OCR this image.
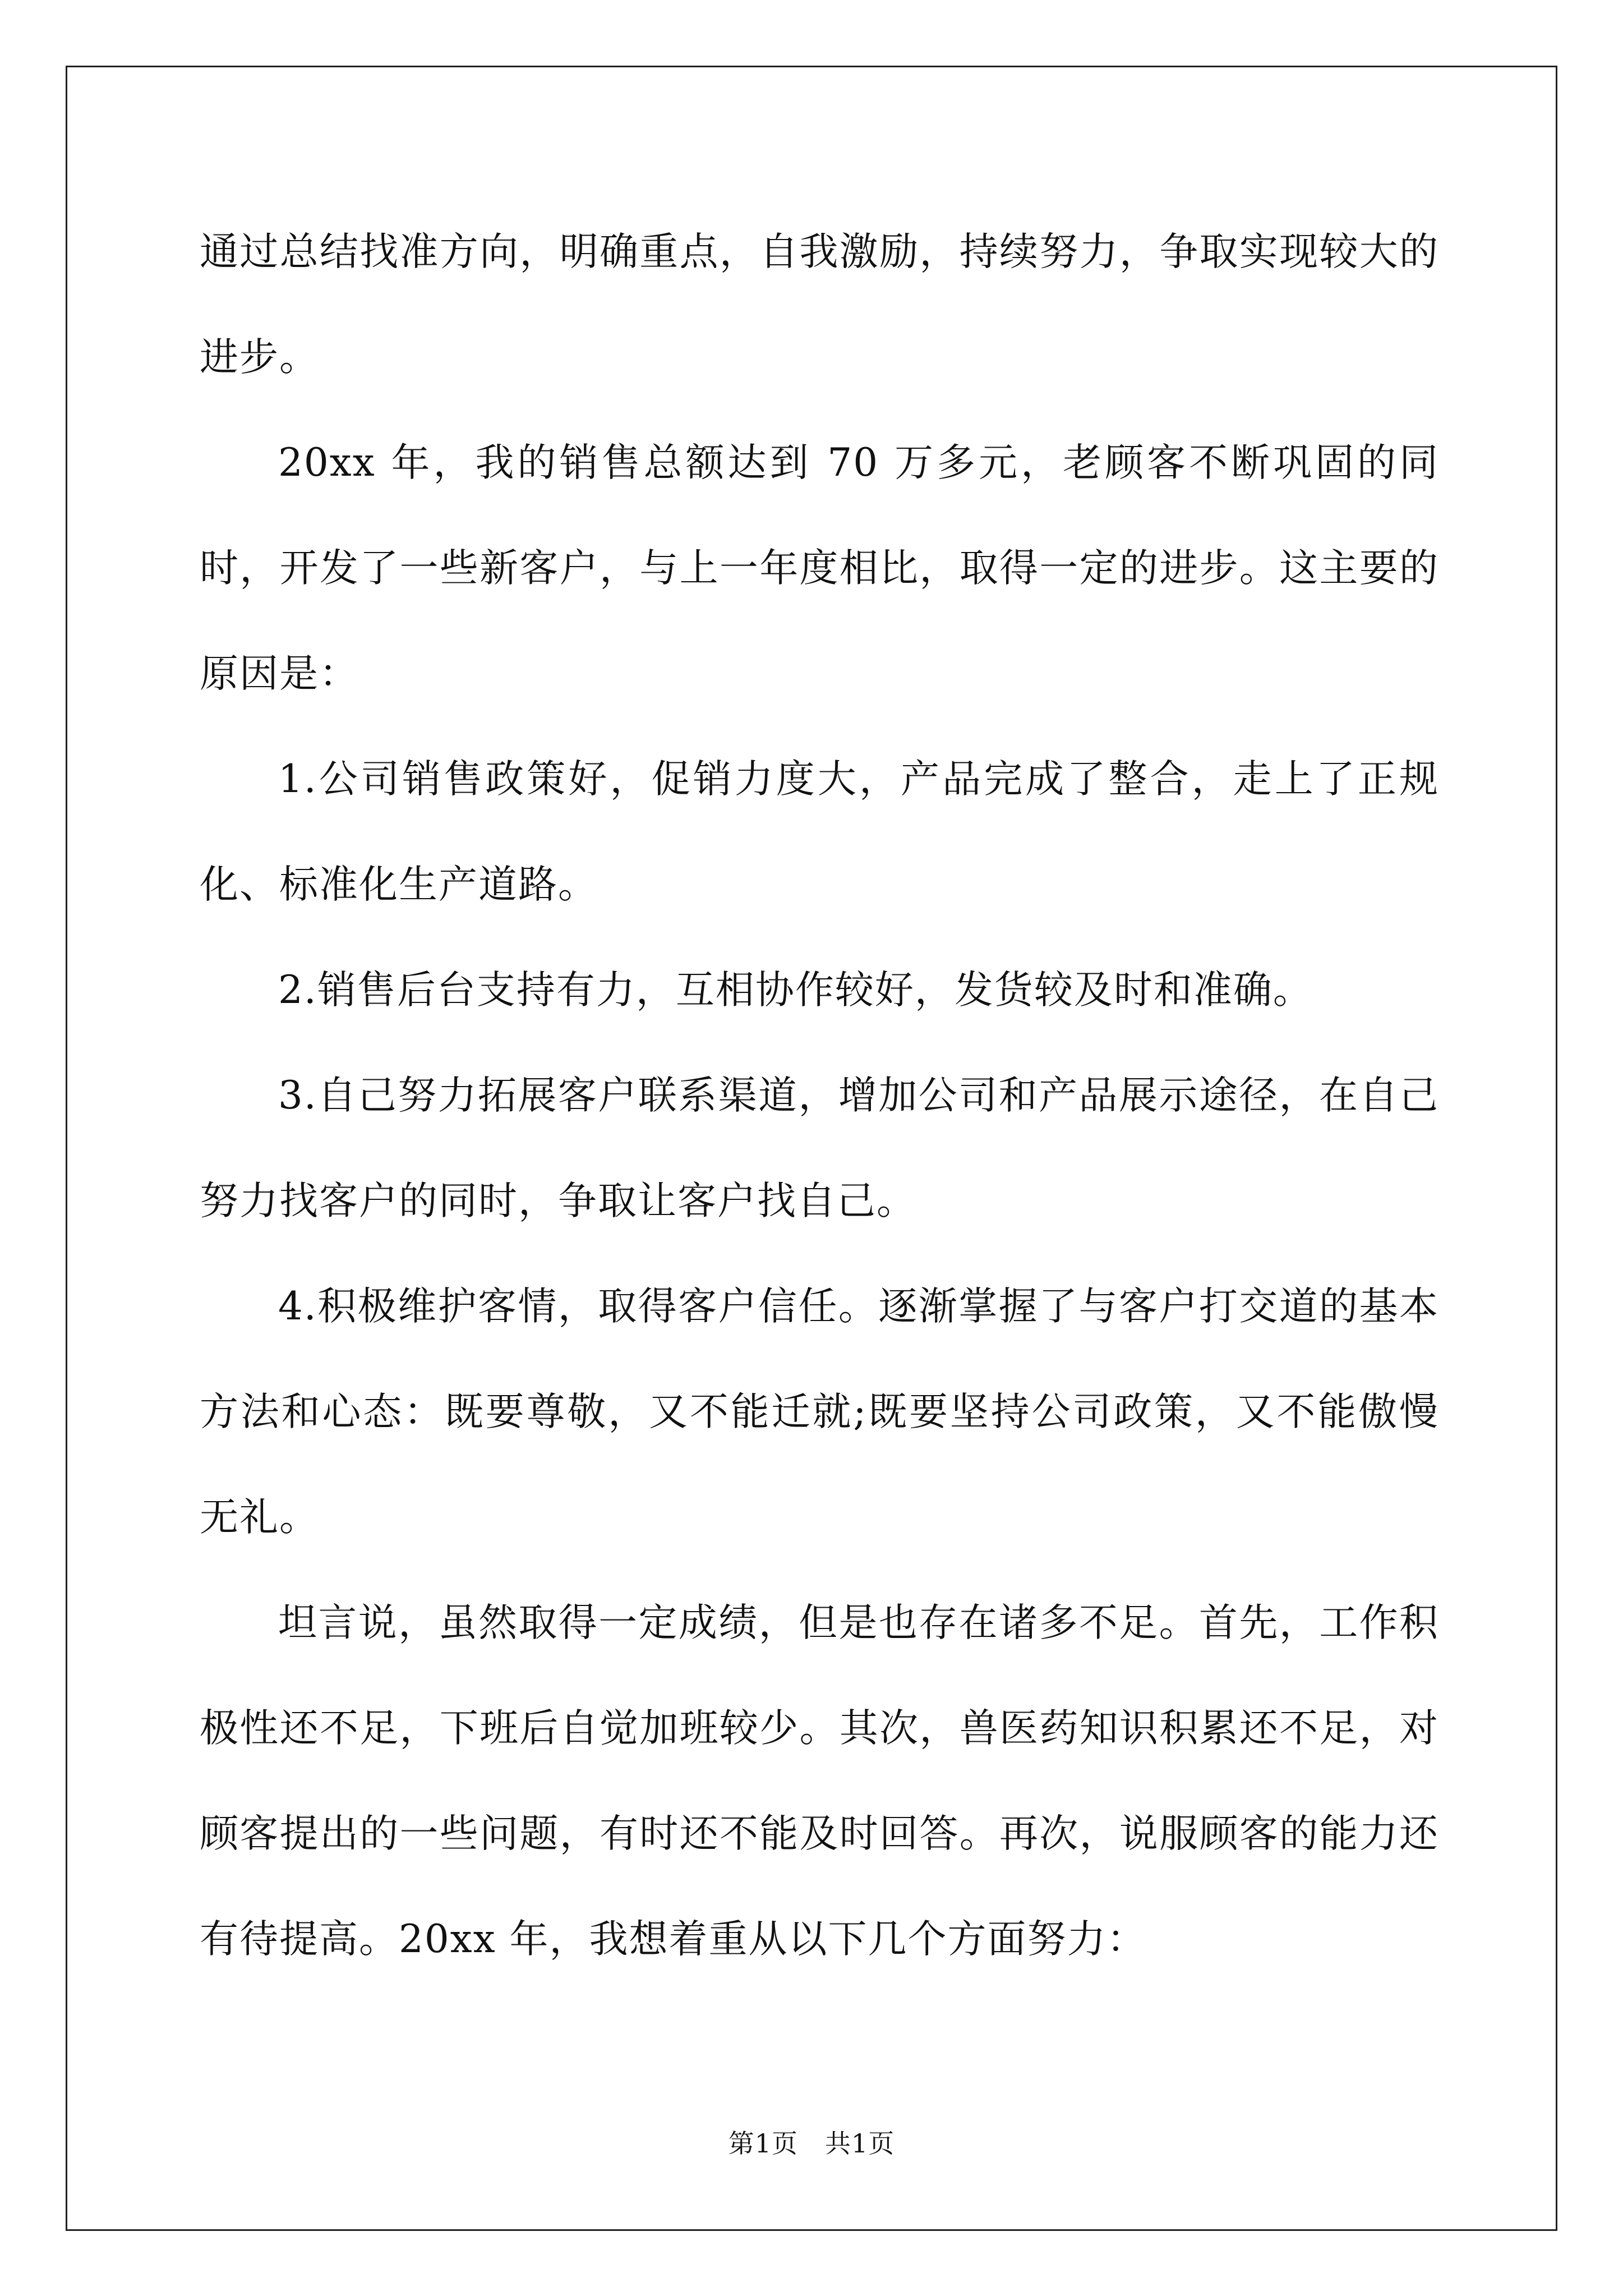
通过总结找准方向，明确重点，自我激励，持续努力，争取实现较大的进步。

20xx 年，我的销售总额达到 70 万多元，老顾客不断巩固的同时，开发了一些新客户，与上一年度相比，取得一定的进步。这主要的原因是：

1.公司销售政策好，促销力度大，产品完成了整合，走上了正规化、标准化生产道路。

2.销售后台支持有力，互相协作较好，发货较及时和准确。

3.自己努力拓展客户联系渠道，增加公司和产品展示途径，在自己努力找客户的同时，争取让客户找自己。

4.积极维护客情，取得客户信任。逐渐掌握了与客户打交道的基本方法和心态：既要尊敬，又不能迁就;既要坚持公司政策，又不能傲慢无礼。

坦言说，虽然取得一定成绩，但是也存在诸多不足。首先，工作积极性还不足，下班后自觉加班较少。其次，兽医药知识积累还不足，对顾客提出的一些问题，有时还不能及时回答。再次，说服顾客的能力还有待提高。20xx 年，我想着重从以下几个方面努力：

第1页 共1页
